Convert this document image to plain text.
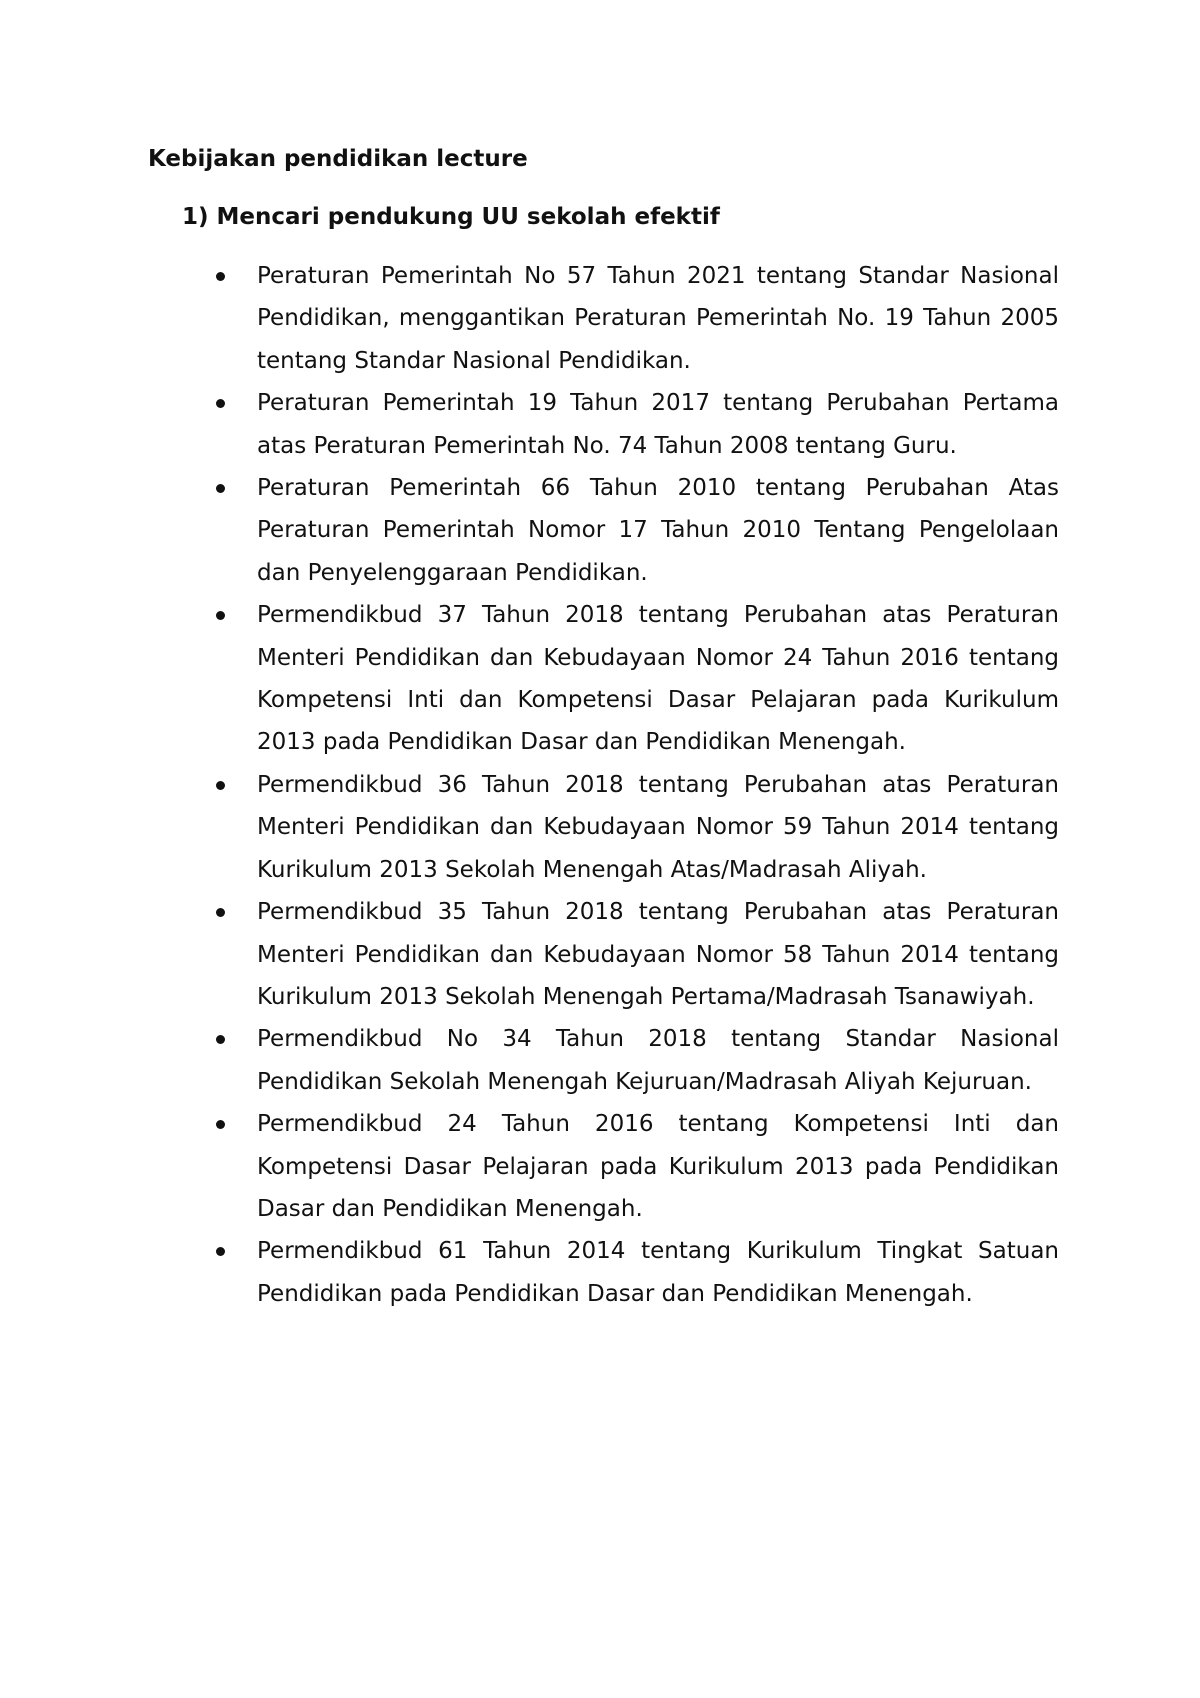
Kebijakan pendidikan lecture
1) Mencari pendukung UU sekolah efektif
Peraturan Pemerintah No 57 Tahun 2021 tentang Standar Nasional Pendidikan, menggantikan Peraturan Pemerintah No. 19 Tahun 2005 tentang Standar Nasional Pendidikan.
Peraturan Pemerintah 19 Tahun 2017 tentang Perubahan Pertama atas Peraturan Pemerintah No. 74 Tahun 2008 tentang Guru.
Peraturan Pemerintah 66 Tahun 2010 tentang Perubahan Atas Peraturan Pemerintah Nomor 17 Tahun 2010 Tentang Pengelolaan dan Penyelenggaraan Pendidikan.
Permendikbud 37 Tahun 2018 tentang Perubahan atas Peraturan Menteri Pendidikan dan Kebudayaan Nomor 24 Tahun 2016 tentang Kompetensi Inti dan Kompetensi Dasar Pelajaran pada Kurikulum 2013 pada Pendidikan Dasar dan Pendidikan Menengah.
Permendikbud 36 Tahun 2018 tentang Perubahan atas Peraturan Menteri Pendidikan dan Kebudayaan Nomor 59 Tahun 2014 tentang Kurikulum 2013 Sekolah Menengah Atas/Madrasah Aliyah.
Permendikbud 35 Tahun 2018 tentang Perubahan atas Peraturan Menteri Pendidikan dan Kebudayaan Nomor 58 Tahun 2014 tentang Kurikulum 2013 Sekolah Menengah Pertama/Madrasah Tsanawiyah.
Permendikbud No 34 Tahun 2018 tentang Standar Nasional Pendidikan Sekolah Menengah Kejuruan/Madrasah Aliyah Kejuruan.
Permendikbud 24 Tahun 2016 tentang Kompetensi Inti dan Kompetensi Dasar Pelajaran pada Kurikulum 2013 pada Pendidikan Dasar dan Pendidikan Menengah.
Permendikbud 61 Tahun 2014 tentang Kurikulum Tingkat Satuan Pendidikan pada Pendidikan Dasar dan Pendidikan Menengah.
